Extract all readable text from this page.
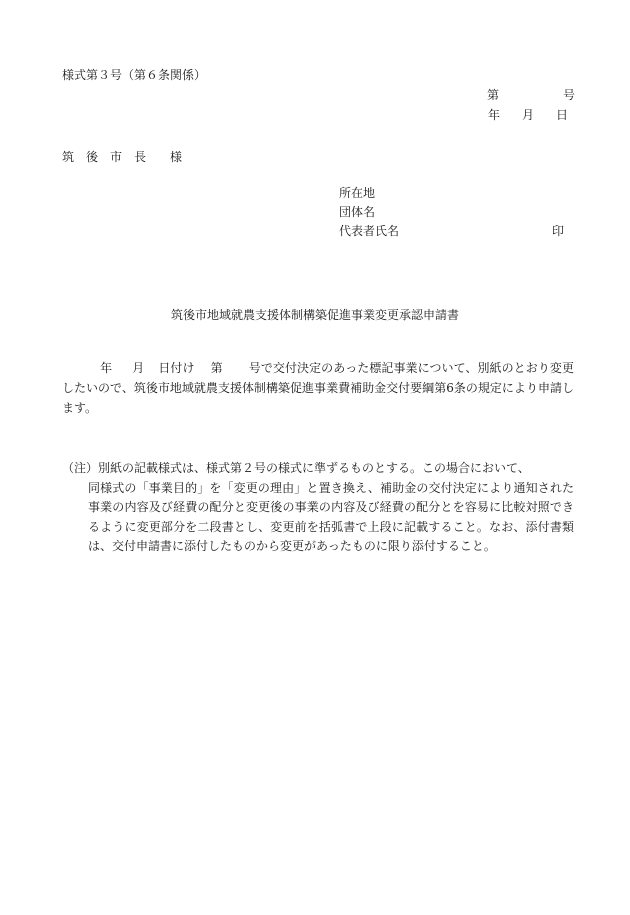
様式第３号（第６条関係）
第	号
年 月 日
筑　後　市　長　　様
所在地
団体名
代表者氏名	印
筑後市地域就農支援体制構築促進事業変更承認申請書
年 月 日付け 第 号で交付決定のあった標記事業について、別紙のとおり変更したいので、筑後市地域就農支援体制構築促進事業費補助金交付要綱第6条の規定により申請します。
（注）別紙の記載様式は、様式第２号の様式に準ずるものとする。この場合において、
同様式の「事業目的」を「変更の理由」と置き換え、補助金の交付決定により通知された事業の内容及び経費の配分と変更後の事業の内容及び経費の配分とを容易に比較対照できるように変更部分を二段書とし、変更前を括弧書で上段に記載すること。なお、添付書類は、交付申請書に添付したものから変更があったものに限り添付すること。
